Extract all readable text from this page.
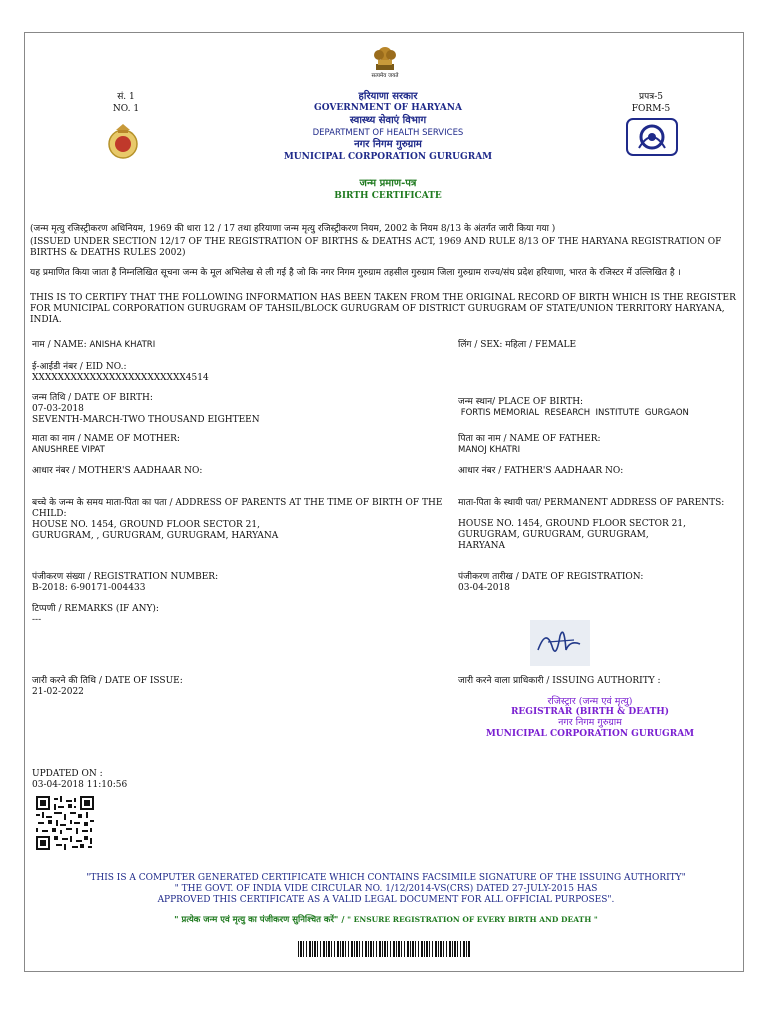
सत्यमेव जयते
सं. 1
NO. 1
प्रपत्र-5
FORM-5
हरियाणा सरकार
GOVERNMENT OF HARYANA
स्वास्थ्य सेवाएं विभाग
DEPARTMENT OF HEALTH SERVICES
नगर निगम गुरुग्राम
MUNICIPAL CORPORATION GURUGRAM
जन्म प्रमाण-पत्र
BIRTH CERTIFICATE
(जन्म मृत्यु रजिस्ट्रीकरण अधिनियम, 1969 की धारा 12 / 17 तथा हरियाणा जन्म मृत्यु रजिस्ट्रीकरण नियम, 2002 के नियम 8/13 के अंतर्गत जारी किया गया )
(ISSUED UNDER SECTION 12/17 OF THE REGISTRATION OF BIRTHS & DEATHS ACT, 1969 AND RULE 8/13 OF THE HARYANA REGISTRATION OF BIRTHS & DEATHS RULES 2002)
यह प्रमाणित किया जाता है निम्नलिखित सूचना जन्म के मूल अभिलेख से ली गई है जो कि नगर निगम गुरुग्राम तहसील गुरुग्राम जिला गुरुग्राम राज्य/संघ प्रदेश हरियाणा, भारत के रजिस्टर में उल्लिखित है ।
THIS IS TO CERTIFY THAT THE FOLLOWING INFORMATION HAS BEEN TAKEN FROM THE ORIGINAL RECORD OF BIRTH WHICH IS THE REGISTER FOR MUNICIPAL CORPORATION GURUGRAM OF TAHSIL/BLOCK GURUGRAM OF DISTRICT GURUGRAM OF STATE/UNION TERRITORY HARYANA, INDIA.
नाम / NAME: ANISHA KHATRI	लिंग / SEX: महिला / FEMALE
ई-आईडी नंबर / EID NO.:
XXXXXXXXXXXXXXXXXXXXXXXX4514
जन्म तिथि / DATE OF BIRTH:
07-03-2018
SEVENTH-MARCH-TWO THOUSAND EIGHTEEN
जन्म स्थान/ PLACE OF BIRTH:
FORTIS MEMORIAL  RESEARCH  INSTITUTE  GURGAON
माता का नाम / NAME OF MOTHER:
ANUSHREE VIPAT
पिता का नाम / NAME OF FATHER:
MANOJ KHATRI
आधार नंबर / MOTHER'S AADHAAR NO:	आधार नंबर / FATHER'S AADHAAR NO:
बच्चे के जन्म के समय माता-पिता का पता / ADDRESS OF PARENTS AT THE TIME OF BIRTH OF THE CHILD:
HOUSE NO. 1454, GROUND FLOOR SECTOR 21,
GURUGRAM, , GURUGRAM, GURUGRAM, HARYANA
माता-पिता के स्थायी पता/ PERMANENT ADDRESS OF PARENTS:
HOUSE NO. 1454, GROUND FLOOR SECTOR 21,
GURUGRAM, GURUGRAM, GURUGRAM,
HARYANA
पंजीकरण संख्या / REGISTRATION NUMBER:
B-2018: 6-90171-004433
पंजीकरण तारीख / DATE OF REGISTRATION:
03-04-2018
टिप्पणी / REMARKS (IF ANY):
---
जारी करने की तिथि / DATE OF ISSUE:
21-02-2022
जारी करने वाला प्राधिकारी / ISSUING AUTHORITY :
रजिस्ट्रार (जन्म एवं मृत्यु)
REGISTRAR (BIRTH & DEATH)
नगर निगम गुरुग्राम
MUNICIPAL CORPORATION GURUGRAM
UPDATED ON :
03-04-2018 11:10:56
"THIS IS A COMPUTER GENERATED CERTIFICATE WHICH CONTAINS FACSIMILE SIGNATURE OF THE ISSUING AUTHORITY"
" THE GOVT. OF INDIA VIDE CIRCULAR NO. 1/12/2014-VS(CRS) DATED 27-JULY-2015 HAS
APPROVED THIS CERTIFICATE AS A VALID LEGAL DOCUMENT FOR ALL OFFICIAL PURPOSES".
" प्रत्येक जन्म एवं मृत्यु का पंजीकरण सुनिश्चित करें" / " ENSURE REGISTRATION OF EVERY BIRTH AND DEATH "
